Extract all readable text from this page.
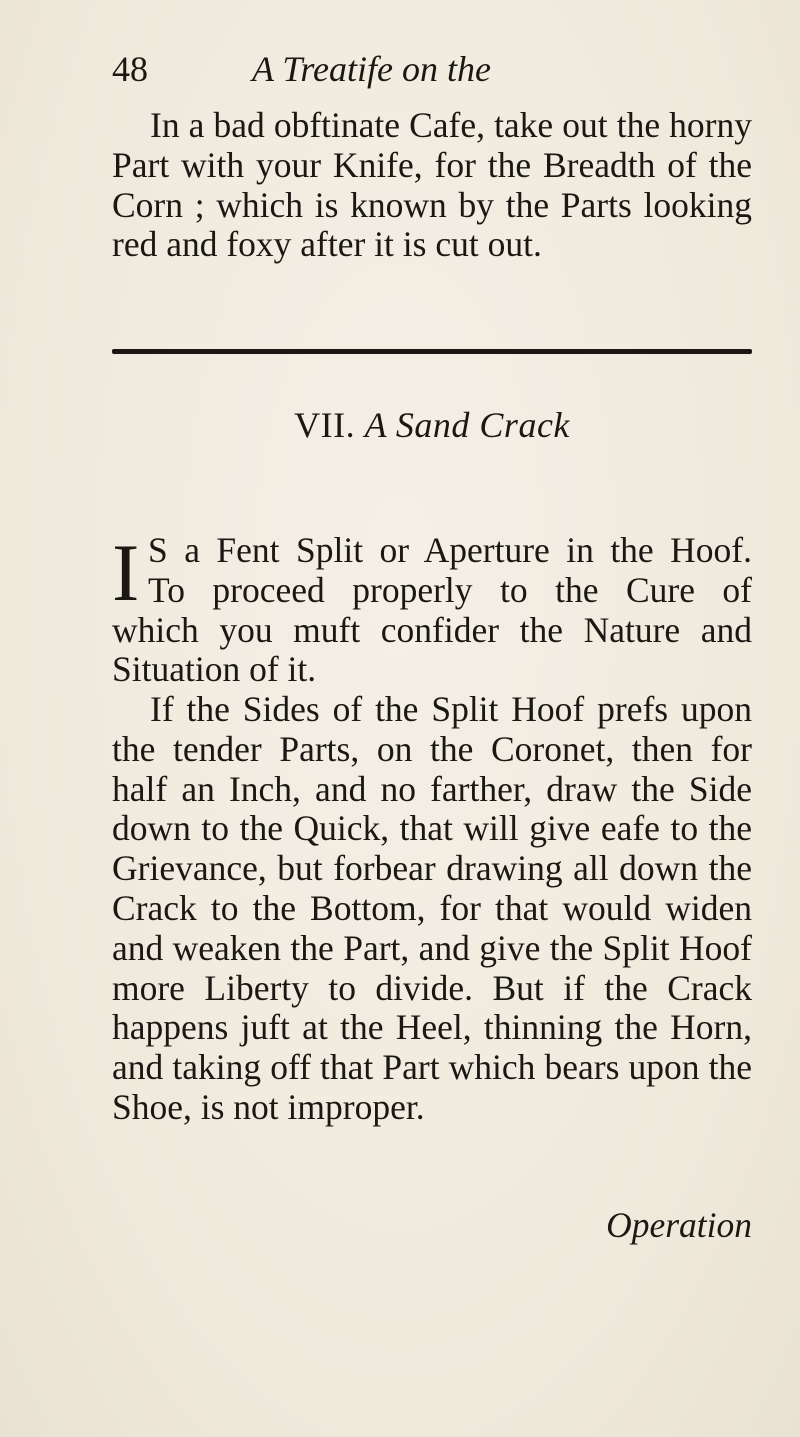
48	A Treatife on the

In a bad obftinate Cafe, take out the horny Part with your Knife, for the Breadth of the Corn ; which is known by the Parts looking red and foxy after it is cut out.

VII. A Sand Crack
I S a Fent Split or Aperture in the Hoof.
To proceed properly to the Cure of
which you muft confider the Nature and
Situation of it.

If the Sides of the Split Hoof prefs upon the tender Parts, on the Coronet, then for half an Inch, and no farther, draw the Side down to the Quick, that will give eafe to the Grievance, but forbear drawing all down the Crack to the Bottom, for that would widen and weaken the Part, and give the Split Hoof more Liberty to divide. But if the Crack happens juft at the Heel, thinning the Horn, and taking off that Part which bears upon the Shoe, is not improper.

Operation
